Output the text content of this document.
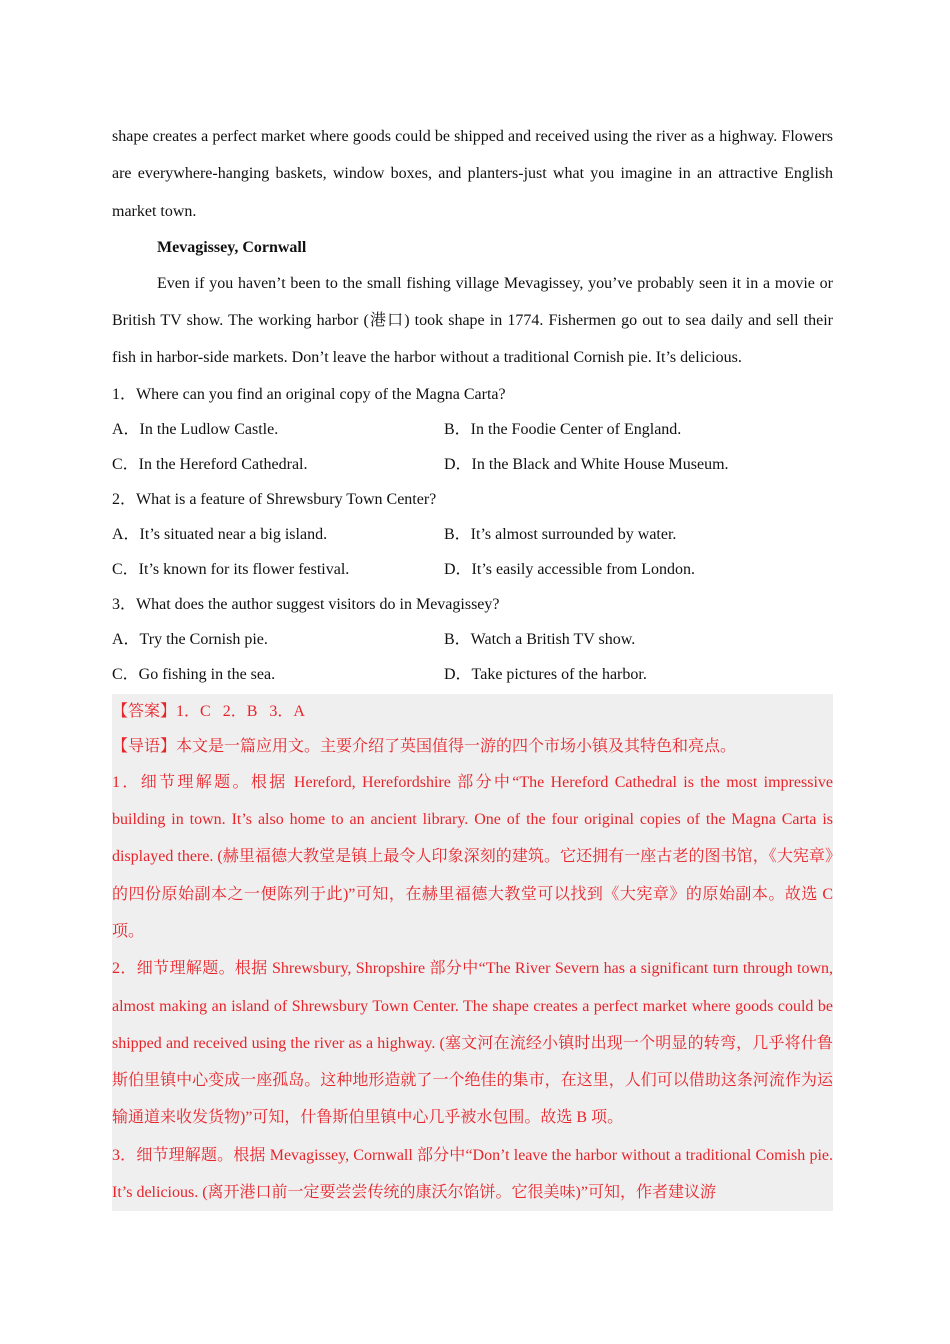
shape creates a perfect market where goods could be shipped and received using the river as a highway. Flowers are everywhere-hanging baskets, window boxes, and planters-just what you imagine in an attractive English market town.

Mevagissey, Cornwall

Even if you haven’t been to the small fishing village Mevagissey, you’ve probably seen it in a movie or British TV show. The working harbor (港口) took shape in 1774. Fishermen go out to sea daily and sell their fish in harbor-side markets. Don’t leave the harbor without a traditional Cornish pie. It’s delicious.

1．Where can you find an original copy of the Magna Carta?

A．In the Ludlow Castle.	B．In the Foodie Center of England.
C．In the Hereford Cathedral.	D．In the Black and White House Museum.

2．What is a feature of Shrewsbury Town Center?

A．It’s situated near a big island.	B．It’s almost surrounded by water.
C．It’s known for its flower festival.	D．It’s easily accessible from London.

3．What does the author suggest visitors do in Mevagissey?

A．Try the Cornish pie.	B．Watch a British TV show.
C．Go fishing in the sea.	D．Take pictures of the harbor.

【答案】1．C 2．B 3．A

【导语】本文是一篇应用文。主要介绍了英国值得一游的四个市场小镇及其特色和亮点。

1．细节理解题。根据 Hereford, Herefordshire 部分中“The Hereford Cathedral is the most impressive building in town. It’s also home to an ancient library. One of the four original copies of the Magna Carta is displayed there. (赫里福德大教堂是镇上最令人印象深刻的建筑。它还拥有一座古老的图书馆，《大宪章》的四份原始副本之一便陈列于此)”可知，在赫里福德大教堂可以找到《大宪章》的原始副本。故选 C 项。

2．细节理解题。根据 Shrewsbury, Shropshire 部分中“The River Severn has a significant turn through town, almost making an island of Shrewsbury Town Center. The shape creates a perfect market where goods could be shipped and received using the river as a highway. (塞文河在流经小镇时出现一个明显的转弯，几乎将什鲁斯伯里镇中心变成一座孤岛。这种地形造就了一个绝佳的集市，在这里，人们可以借助这条河流作为运输通道来收发货物)”可知，什鲁斯伯里镇中心几乎被水包围。故选 B 项。

3．细节理解题。根据 Mevagissey, Cornwall 部分中“Don’t leave the harbor without a traditional Comish pie. It’s delicious. (离开港口前一定要尝尝传统的康沃尔馅饼。它很美味)”可知，作者建议游
